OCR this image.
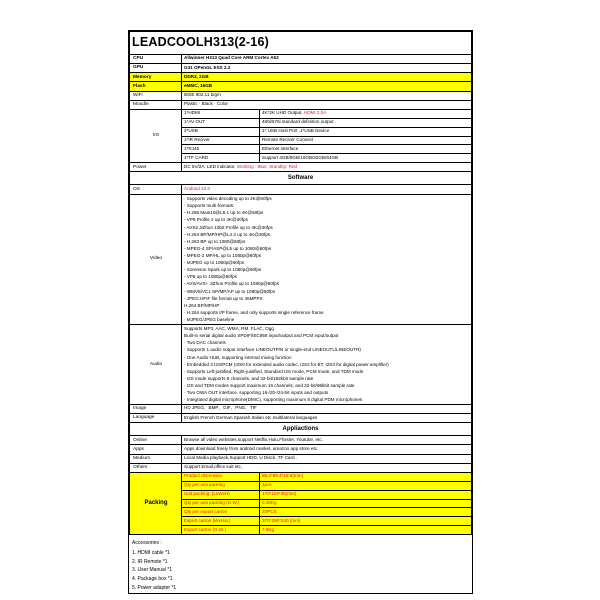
LEADCOOLH313(2-16)		

CPU	Allwinner H313 Quad Core ARM Cortex A53	
GPU	G31 OPenGL ESS 2.2	
Memory	DDR3, 2GB	
Flash	eMMC, 16GB	
WiFi	IEEE 802.11 b/g/n	
Moudle	Plastic · Black · Color	
I/O	1*HDMI	4K*2K UHD Output, HDMI 2.0A
	1*AV OUT	480i/576i standard definition output
	2*USB	1* USB Host Port ,1*USB Device
	1*IR Reciver	Remote Reciver Connect
	1*RJ45	Ethernet interface
	1*TF CARD	Support 4GB/8GB/16GB/32GB/64GB
Power	DC 5V/2A; LED indicator, Working : Blue, Standby: Red	
Software		
OS	Android 10.0	
Video	
· Supports video decoding up to 4K@60fps
· Supports multi-formats:
- H.265 Main10@L5.1 up to 4K@60fps
- VP9 Profile 2 up to 4K@30fps
- AVS2 JiZhun 10bit Profile up to 4K@30fps
- H.264 BP/MP/HP@L4.2 up to 4K@30fps
- H.263 BP up to 1080@60fps
- MPEG-4 SP/ASP@L5 up to 1080@60fps
- MPEG-2 MP/HL up to 1080p@60fps
- MJPEG up to 1080p@60fps
- Sorenson Spark up to 1080p@60fps
- VP8 up to 1080p@60fps
- AVS/AVS+ JiZhun Profile up to 1080p@60fps
- WMV9/VC1 SP/MP/AP up to 1080p@60fps
- JPEG.HFIF file format up to 45MPPS
H.264 BP/MP/HP
· H.264 supports I/P frame, and only supports single reference frame
· MJPEG/JPEG baseline

Audio	
Supports MP3, AAC, WMA, RM, FLAC, Ogg
Built-in serial digital audio SPDIF/IEC958 input/output and PCM input/output
· Two DAC channels
· Supports 1 audio output interface LINEOUTP/N or single-end LINEOUTL/LINEOUTR)
· One Audio HUB, supporting internal mixing function
· Embedded 3 I2S/PCM (I2S0 for extended audio codec, I2S2 for BT, I2S3 for digital power amplifier)
· Supports Left-justified, Right-justified, Standard I2S mode, PCM mode, and TDM mode
· I2S mode supports 8 channels, and 32-bit/192kbit sample rate
· I2S and TDM modes support maximum 16 channels, and 32-bit/96kbit sample rate
· Two OWA OUT interface, supporting 16-/20-/24-bit inputs and outputs
· Integrated digital microphone(DMIC), supporting maximum 8 digital PDM microphones

Image	HD JPEG、BMP、GIF、PNG、TIF	
Language	English French German Spanish Italian etc multilateral languages	
Appliactions		
Online	Browse all video websites,support Netflix,Hulu,Flixster, Youtube, etc.	
Apps	Apps download freely from android market, amazon app store etc.	
Medium	Local Media playback,Support HDD, U Disck ,TF Card .	
Others	Support Email,office suit etc,	
Packing	Product dimension	88.4*88.4*18.6(mm)
	Qty per unit packing	1pcs
	Unit packing: (LxWxH)	170*115*35(mm)
	Qty per unit packing (G.W.)	0.35Kg
	Qty per export carton	20PCS
	Export carton (WxHxL)	370*290*240 (mm)
	Export carton (G.W.)	7.5Kg
Accessories :
1. HDMI cable *1
2. IR Remote *1
3. User Manual *1
4. Package box *1
5. Power adapter *1
